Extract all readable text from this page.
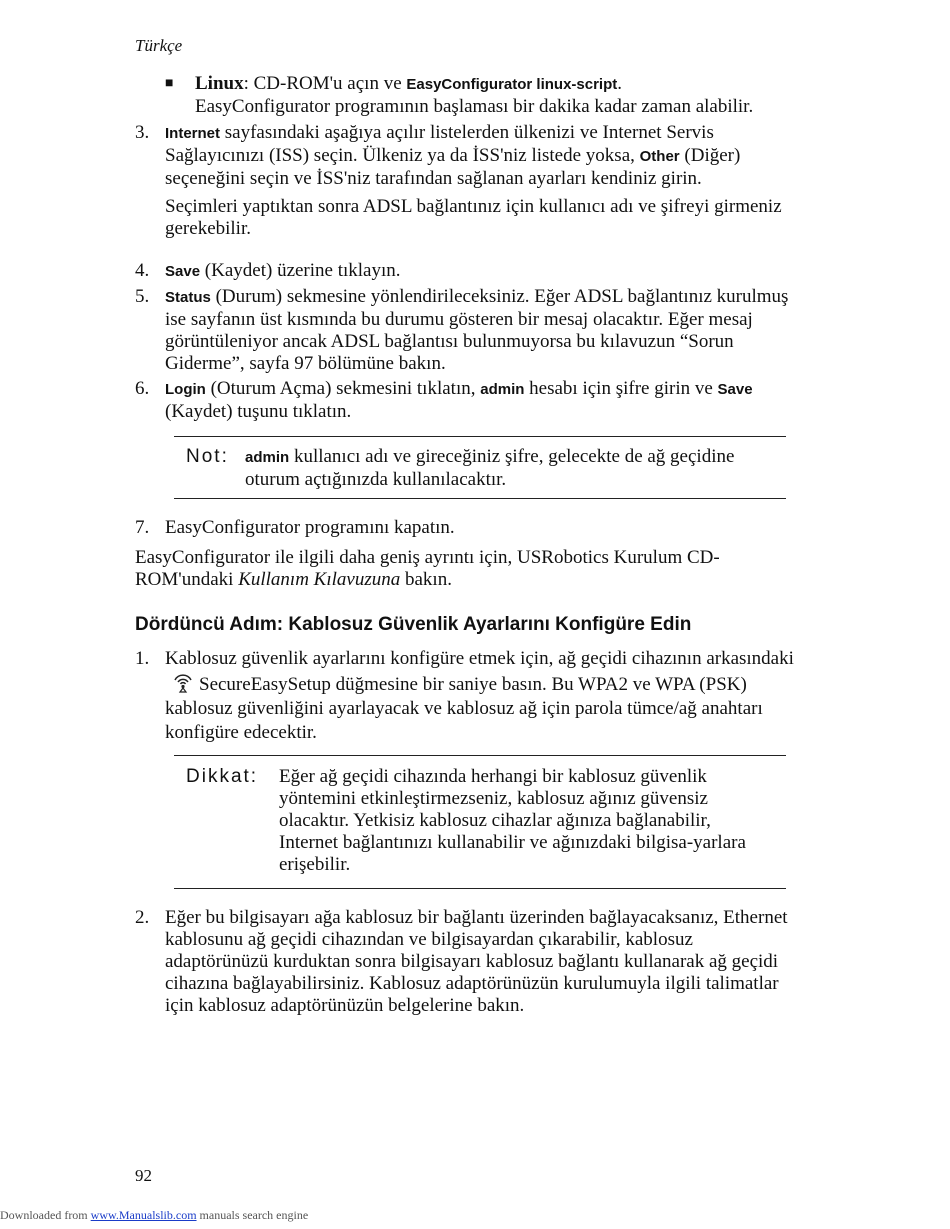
Türkçe
■ Linux: CD-ROM'u açın ve EasyConfigurator linux-script.
EasyConfigurator programının başlaması bir dakika kadar zaman alabilir.
3.	Internet sayfasındaki aşağıya açılır listelerden ülkenizi ve Internet Servis Sağlayıcınızı (ISS) seçin. Ülkeniz ya da İSS'niz listede yoksa, Other (Diğer) seçeneğini seçin ve İSS'niz tarafından sağlanan ayarları kendiniz girin.

Seçimleri yaptıktan sonra ADSL bağlantınız için kullanıcı adı ve şifreyi girmeniz gerekebilir.

4.	Save (Kaydet) üzerine tıklayın.
5.	Status (Durum) sekmesine yönlendirileceksiniz. Eğer ADSL bağlantınız kurulmuş ise sayfanın üst kısmında bu durumu gösteren bir mesaj olacaktır. Eğer mesaj görüntüleniyor ancak ADSL bağlantısı bulunmuyorsa bu kılavuzun “Sorun Giderme”, sayfa 97 bölümüne bakın.
6.	Login (Oturum Açma) sekmesini tıklatın, admin hesabı için şifre girin ve Save (Kaydet) tuşunu tıklatın.
Not: admin kullanıcı adı ve gireceğiniz şifre, gelecekte de ağ geçidine oturum açtığınızda kullanılacaktır.
7. EasyConfigurator programını kapatın.
EasyConfigurator ile ilgili daha geniş ayrıntı için, USRobotics Kurulum CD-ROM'undaki Kullanım Kılavuzuna bakın.
Dördüncü Adım: Kablosuz Güvenlik Ayarlarını Konfigüre Edin
1. Kablosuz güvenlik ayarlarını konfigüre etmek için, ağ geçidi cihazının arkasındakiSecureEasySetup düğmesine bir saniye basın. Bu WPA2 ve WPA (PSK) kablosuz güvenliğini ayarlayacak ve kablosuz ağ için parola tümce/ağ anahtarı konfigüre edecektir.
Dikkat: Eğer ağ geçidi cihazında herhangi bir kablosuz güvenlik yöntemini etkinleştirmezseniz, kablosuz ağınız güvensiz olacaktır. Yetkisiz kablosuz cihazlar ağınıza bağlanabilir, Internet bağlantınızı kullanabilir ve ağınızdaki bilgisa-yarlara erişebilir.
2. Eğer bu bilgisayarı ağa kablosuz bir bağlantı üzerinden bağlayacaksanız, Ethernet kablosunu ağ geçidi cihazından ve bilgisayardan çıkarabilir, kablosuz adaptörünüzü kurduktan sonra bilgisayarı kablosuz bağlantı kullanarak ağ geçidi cihazına bağlayabilirsiniz. Kablosuz adaptörünüzün kurulumuyla ilgili talimatlar için kablosuz adaptörünüzün belgelerine bakın.
92
Downloaded from www.Manualslib.com manuals search engine
